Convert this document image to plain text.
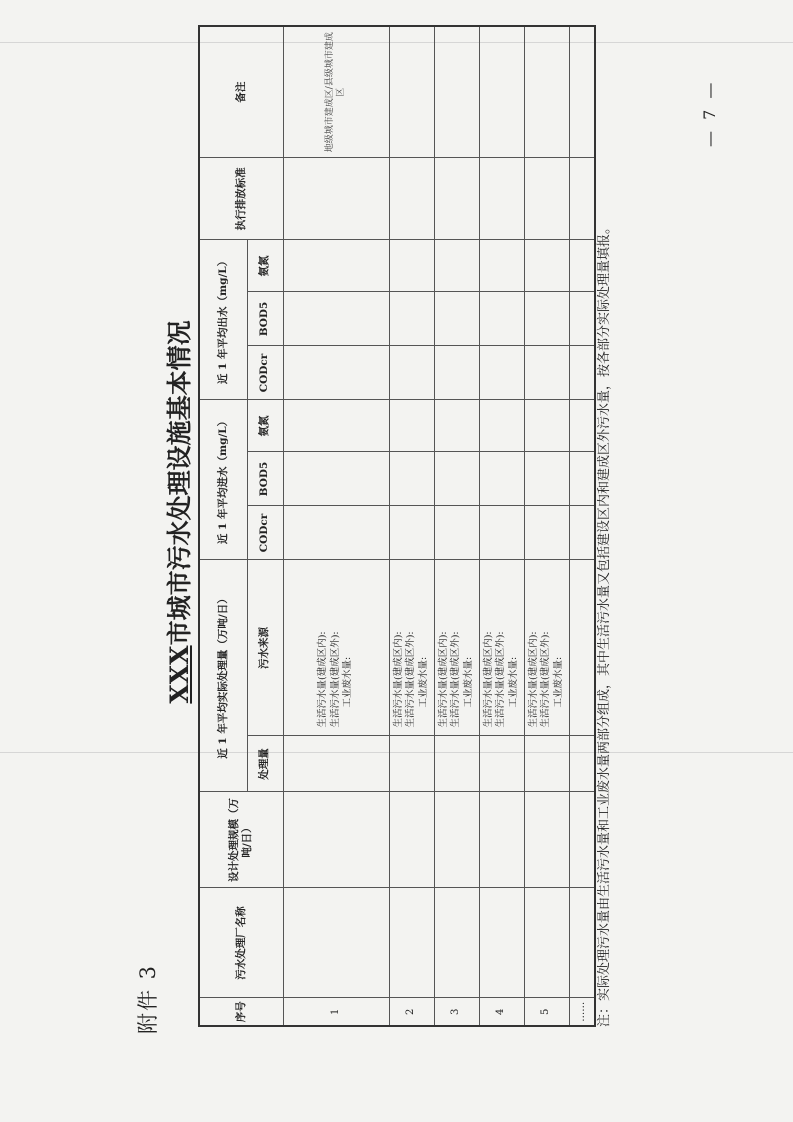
附件 3
XXX市城市污水处理设施基本情况
序号	污水处理厂名称	设计处理规模（万吨/日）	近 1 年平均实际处理量（万吨/日）		近 1 年平均进水（mg/L）			近 1 年平均出水（mg/L）			执行排放标准	备注
			处理量	污水来源	CODcr	BOD5	氨氮	CODcr	BOD5	氨氮		
1				生活污水量(建成区内): 生活污水量(建成区外): 工业废水量:								地级城市建成区/县级城市建成区
2				生活污水量(建成区内): 生活污水量(建成区外): 工业废水量:								

3				生活污水量(建成区内): 生活污水量(建成区外): 工业废水量:								

4				生活污水量(建成区内): 生活污水量(建成区外): 工业废水量:								

5				生活污水量(建成区内): 生活污水量(建成区外): 工业废水量:								

……												注：实际处理污水量由生活污水量和工业废水量两部分组成，其中生活污水量又包括建设区内和建成区外污水量，按各部分实际处理量填报。
— 7 —
